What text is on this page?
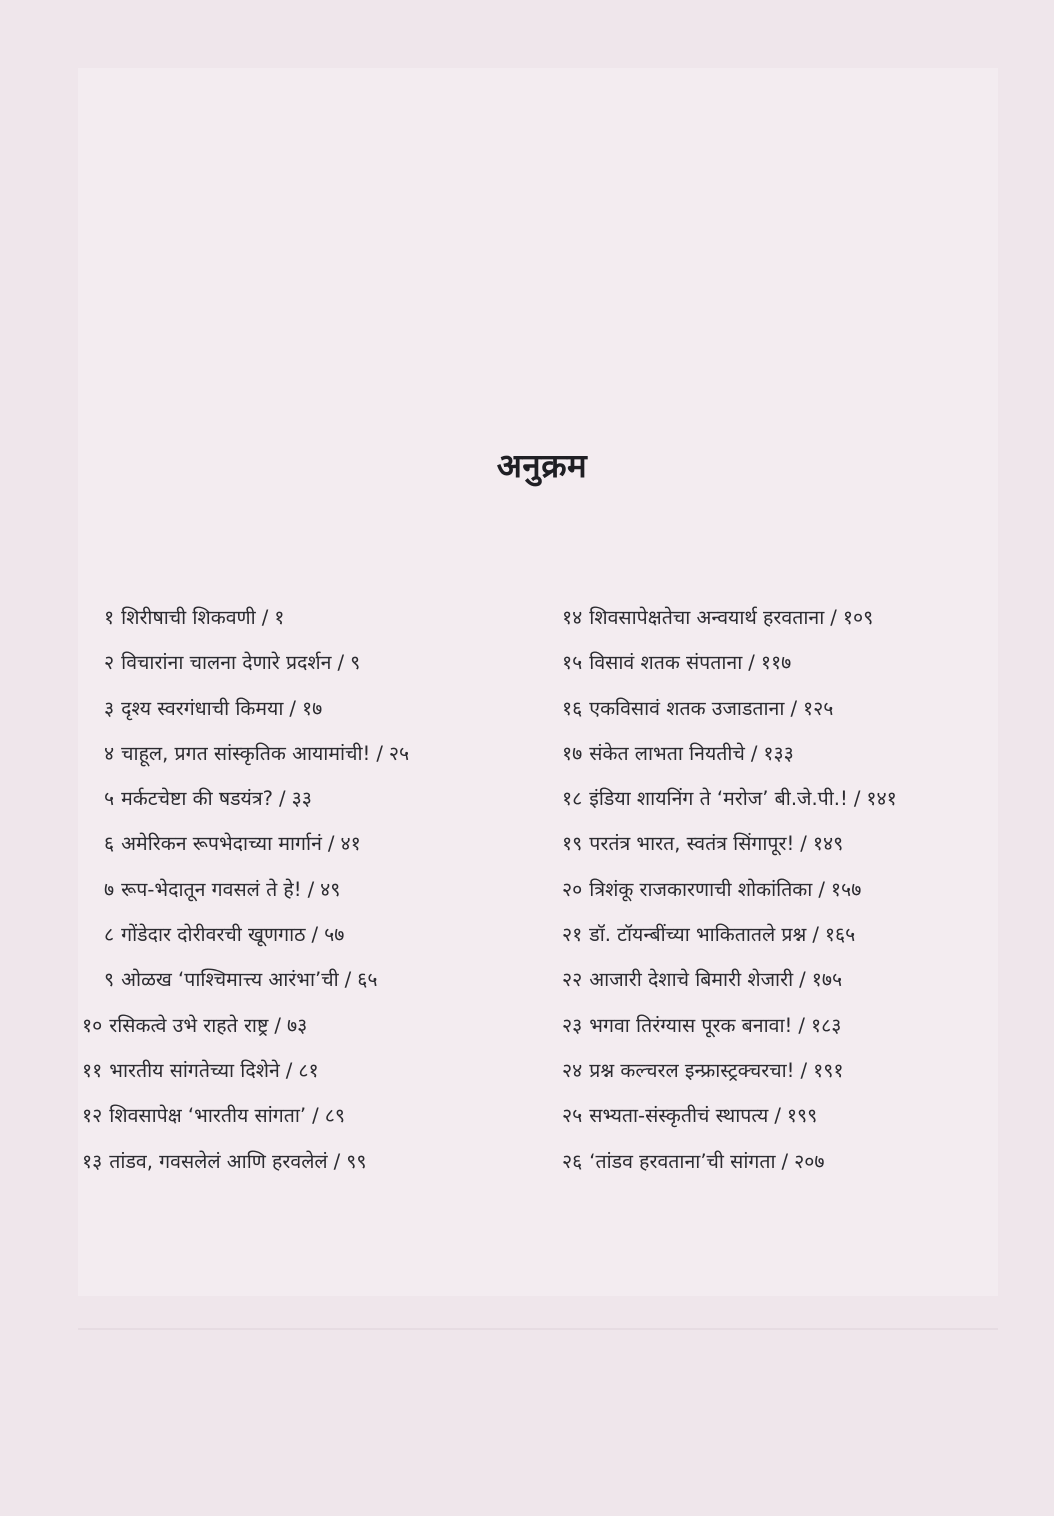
अनुक्रम
१ शिरीषाची शिकवणी / १
२ विचारांना चालना देणारे प्रदर्शन / ९
३ दृश्य स्वरगंधाची किमया / १७
४ चाहूल, प्रगत सांस्कृतिक आयामांची! / २५
५ मर्कटचेष्टा की षडयंत्र? / ३३
६ अमेरिकन रूपभेदाच्या मार्गानं / ४१
७ रूप-भेदातून गवसलं ते हे! / ४९
८ गोंडेदार दोरीवरची खूणगाठ / ५७
९ ओळख ‘पाश्चिमात्त्य आरंभा’ची / ६५
१० रसिकत्वे उभे राहते राष्ट्र / ७३
११ भारतीय सांगतेच्या दिशेने / ८१
१२ शिवसापेक्ष ‘भारतीय सांगता’ / ८९
१३ तांडव, गवसलेलं आणि हरवलेलं / ९९
१४ शिवसापेक्षतेचा अन्वयार्थ हरवताना / १०९
१५ विसावं शतक संपताना / ११७
१६ एकविसावं शतक उजाडताना / १२५
१७ संकेत लाभता नियतीचे / १३३
१८ इंडिया शायनिंग ते ‘मरोज’ बी.जे.पी.! / १४१
१९ परतंत्र भारत, स्वतंत्र सिंगापूर! / १४९
२० त्रिशंकू राजकारणाची शोकांतिका / १५७
२१ डॉ. टॉयन्बींच्या भाकितातले प्रश्न / १६५
२२ आजारी देशाचे बिमारी शेजारी / १७५
२३ भगवा तिरंग्यास पूरक बनावा! / १८३
२४ प्रश्न कल्चरल इन्फ्रास्ट्रक्चरचा! / १९१
२५ सभ्यता-संस्कृतीचं स्थापत्य / १९९
२६ ‘तांडव हरवताना’ची सांगता / २०७
